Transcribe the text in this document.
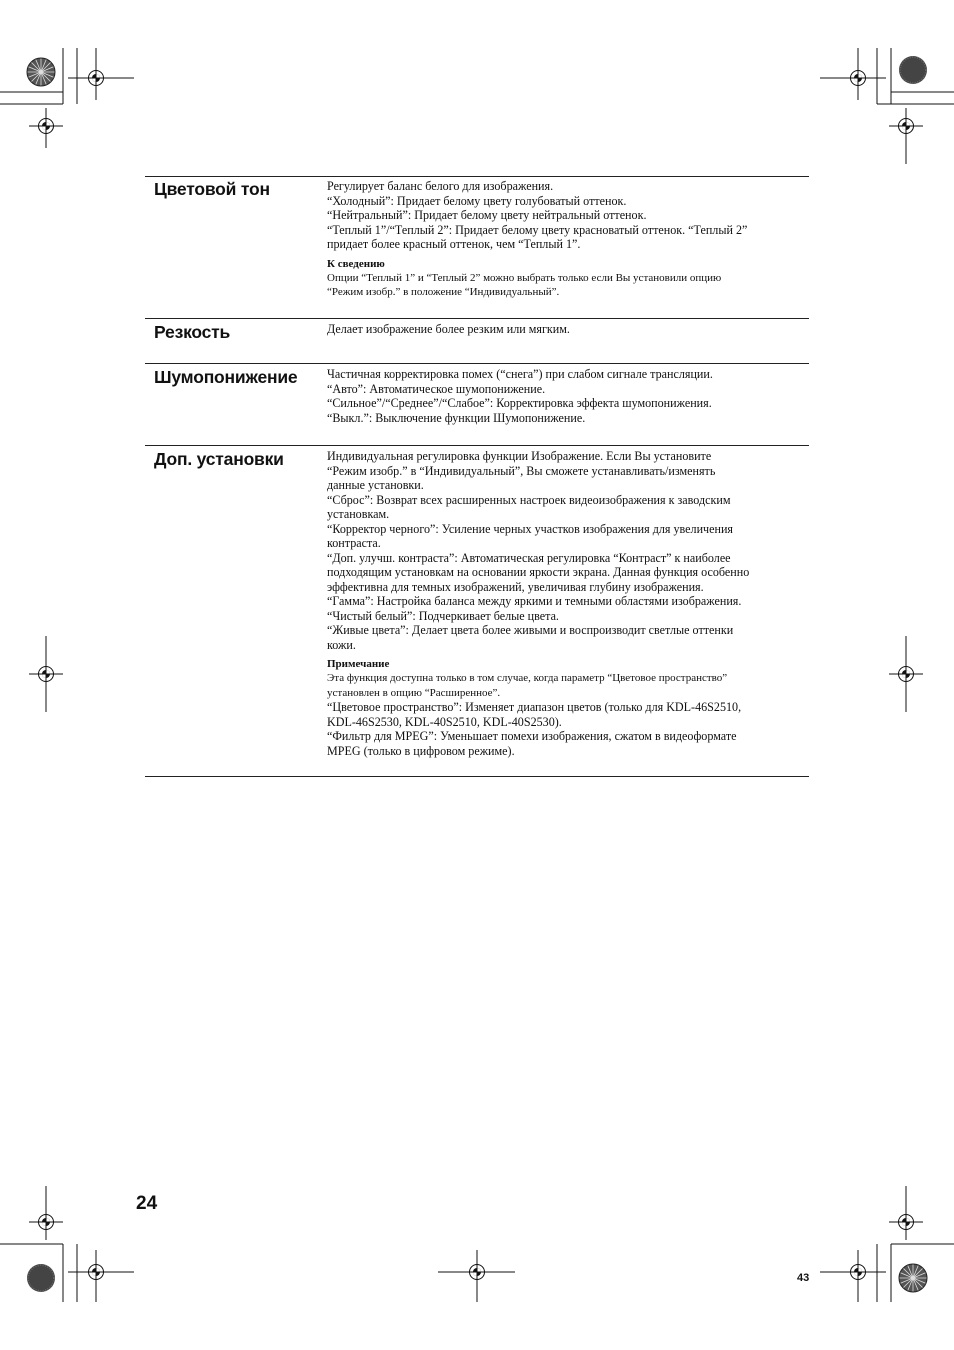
Цветовой тон	Регулирует баланс белого для изображения.
“Холодный”: Придает белому цвету голубоватый оттенок.
“Нейтральный”: Придает белому цвету нейтральный оттенок.
“Теплый 1”/“Теплый 2”: Придает белому цвету красноватый оттенок. “Теплый 2”
придает более красный оттенок, чем “Теплый 1”.
К сведению
Опции “Теплый 1” и “Теплый 2” можно выбрать только если Вы установили опцию
“Режим изобр.” в положение “Индивидуальный”.
Резкость	Делает изображение более резким или мягким.
Шумопонижение	Частичная корректировка помех (“снега”) при слабом сигнале трансляции.
“Авто”: Автоматическое шумопонижение.
“Сильное”/“Среднее”/“Слабое”: Корректировка эффекта шумопонижения.
“Выкл.”: Выключение функции Шумопонижение.
Доп. установки	Индивидуальная регулировка функции Изображение. Если Вы установите
“Режим изобр.” в “Индивидуальный”, Вы сможете устанавливать/изменять
данные установки.
“Сброс”: Возврат всех расширенных настроек видеоизображения к заводским
установкам.
“Корректор черного”: Усиление черных участков изображения для увеличения
контраста.
“Доп. улучш. контраста”: Автоматическая регулировка “Контраст” к наиболее
подходящим установкам на основании яркости экрана. Данная функция особенно
эффективна для темных изображений, увеличивая глубину изображения.
“Гамма”: Настройка баланса между яркими и темными областями изображения.
“Чистый белый”: Подчеркивает белые цвета.
“Живые цвета”: Делает цвета более живыми и воспроизводит светлые оттенки
кожи.
Примечание
Эта функция доступна только в том случае, когда параметр “Цветовое пространство”
установлен в опцию “Расширенное”.
“Цветовое пространство”: Изменяет диапазон цветов (только для KDL-46S2510,
KDL-46S2530, KDL-40S2510, KDL-40S2530).
“Фильтр для MPEG”: Уменьшает помехи изображения, сжатом в видеоформате
MPEG (только в цифровом режиме).
24
43
